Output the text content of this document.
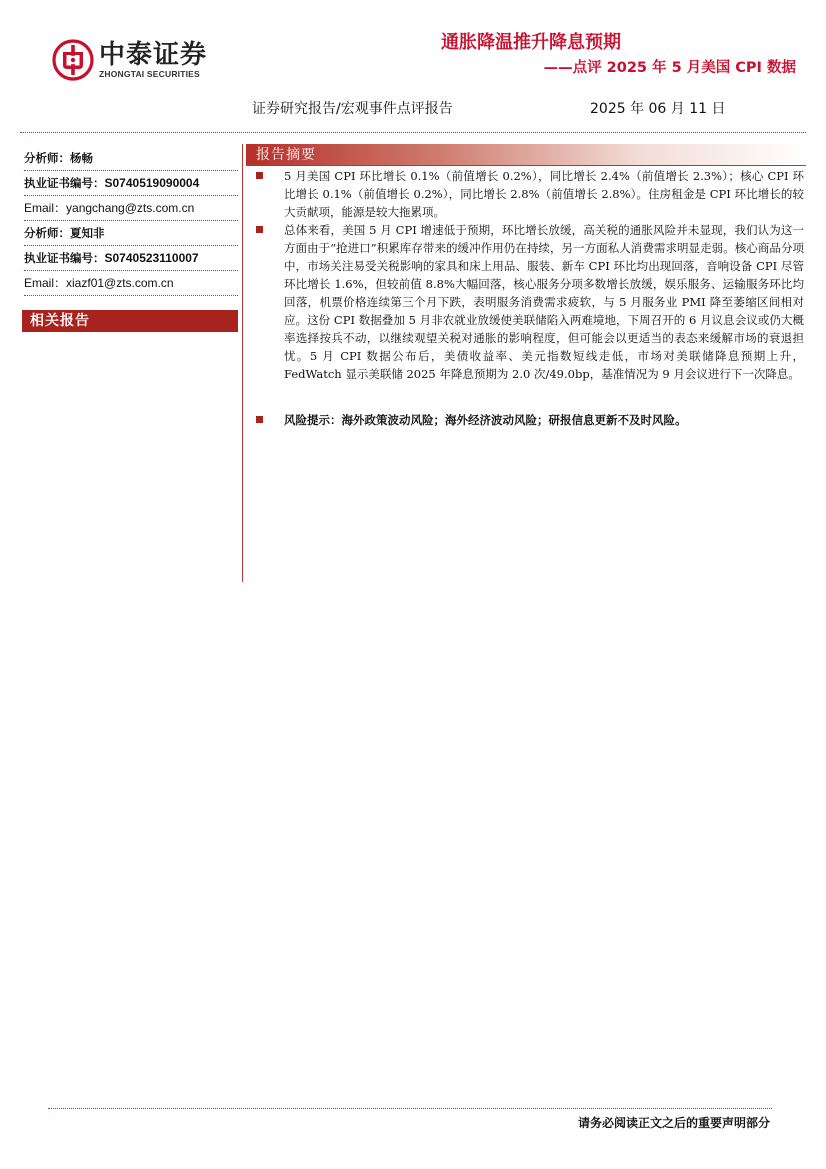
中泰证券
ZHONGTAI SECURITIES
通胀降温推升降息预期
——点评 2025 年 5 月美国 CPI 数据
证券研究报告/宏观事件点评报告	2025 年 06 月 11 日
分析师：杨畅
执业证书编号：S0740519090004
Email：yangchang@zts.com.cn
分析师：夏知非
执业证书编号：S0740523110007
Email：xiazf01@zts.com.cn
相关报告
报告摘要

5 月美国 CPI 环比增长 0.1%（前值增长 0.2%），同比增长 2.4%（前值增长 2.3%）；核心 CPI 环比增长 0.1%（前值增长 0.2%），同比增长 2.8%（前值增长 2.8%）。住房租金是 CPI 环比增长的较大贡献项，能源是较大拖累项。

总体来看，美国 5 月 CPI 增速低于预期，环比增长放缓，高关税的通胀风险并未显现，我们认为这一方面由于“抢进口”积累库存带来的缓冲作用仍在持续，另一方面私人消费需求明显走弱。核心商品分项中，市场关注易受关税影响的家具和床上用品、服装、新车 CPI 环比均出现回落，音响设备 CPI 尽管环比增长 1.6%，但较前值 8.8%大幅回落，核心服务分项多数增长放缓，娱乐服务、运输服务环比均回落，机票价格连续第三个月下跌，表明服务消费需求疲软，与 5 月服务业 PMI 降至萎缩区间相对应。这份 CPI 数据叠加 5 月非农就业放缓使美联储陷入两难境地，下周召开的 6 月议息会议或仍大概率选择按兵不动，以继续观望关税对通胀的影响程度，但可能会以更适当的表态来缓解市场的衰退担忧。5 月 CPI 数据公布后，美债收益率、美元指数短线走低，市场对美联储降息预期上升，FedWatch 显示美联储 2025 年降息预期为 2.0 次/49.0bp，基准情况为 9 月会议进行下一次降息。

风险提示：海外政策波动风险；海外经济波动风险；研报信息更新不及时风险。

请务必阅读正文之后的重要声明部分
